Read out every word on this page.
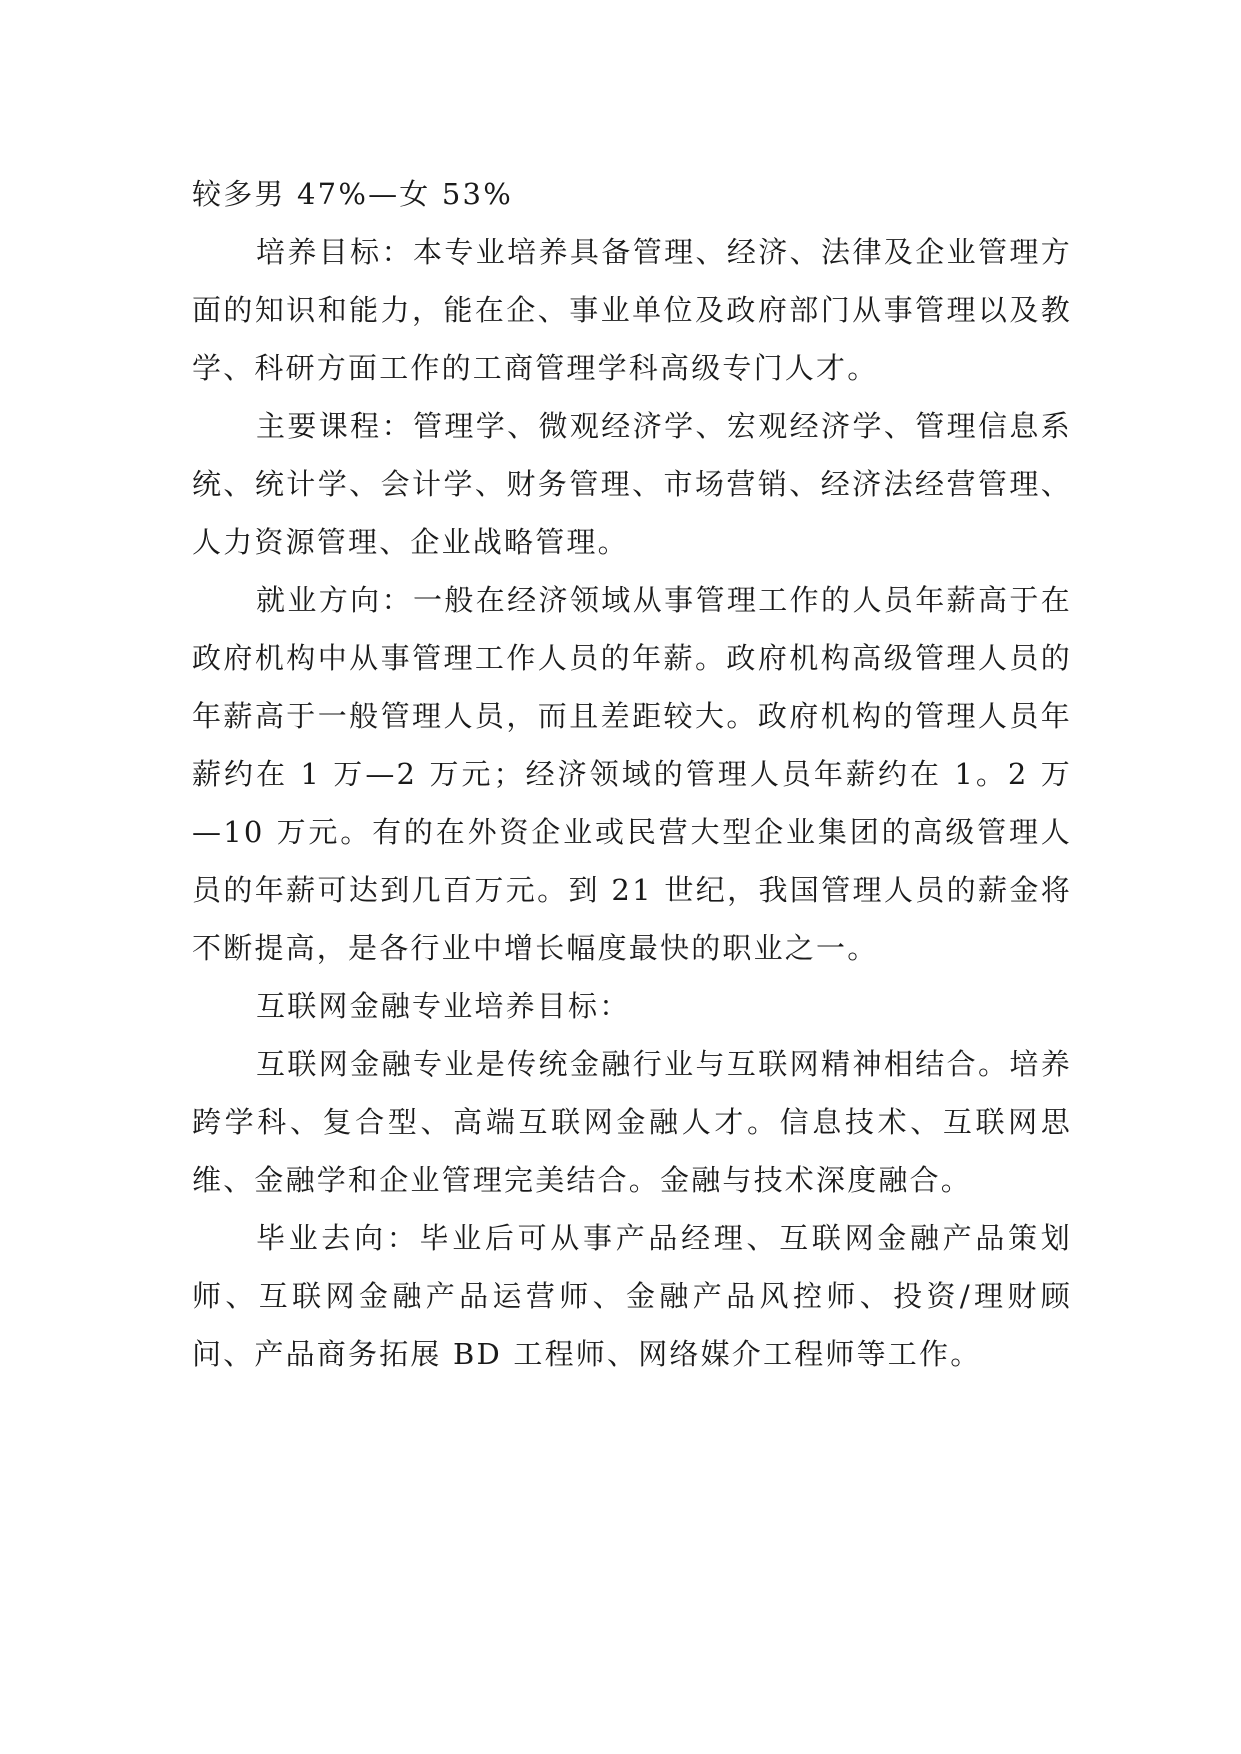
较多男 47%—女 53%

培养目标：本专业培养具备管理、经济、法律及企业管理方面的知识和能力，能在企、事业单位及政府部门从事管理以及教学、科研方面工作的工商管理学科高级专门人才。

主要课程：管理学、微观经济学、宏观经济学、管理信息系统、统计学、会计学、财务管理、市场营销、经济法经营管理、人力资源管理、企业战略管理。

就业方向：一般在经济领域从事管理工作的人员年薪高于在政府机构中从事管理工作人员的年薪。政府机构高级管理人员的年薪高于一般管理人员，而且差距较大。政府机构的管理人员年薪约在 1 万—2 万元；经济领域的管理人员年薪约在 1。2 万—10 万元。有的在外资企业或民营大型企业集团的高级管理人员的年薪可达到几百万元。到 21 世纪，我国管理人员的薪金将不断提高，是各行业中增长幅度最快的职业之一。

互联网金融专业培养目标：

互联网金融专业是传统金融行业与互联网精神相结合。培养跨学科、复合型、高端互联网金融人才。信息技术、互联网思维、金融学和企业管理完美结合。金融与技术深度融合。

毕业去向：毕业后可从事产品经理、互联网金融产品策划师、互联网金融产品运营师、金融产品风控师、投资/理财顾问、产品商务拓展 BD 工程师、网络媒介工程师等工作。
